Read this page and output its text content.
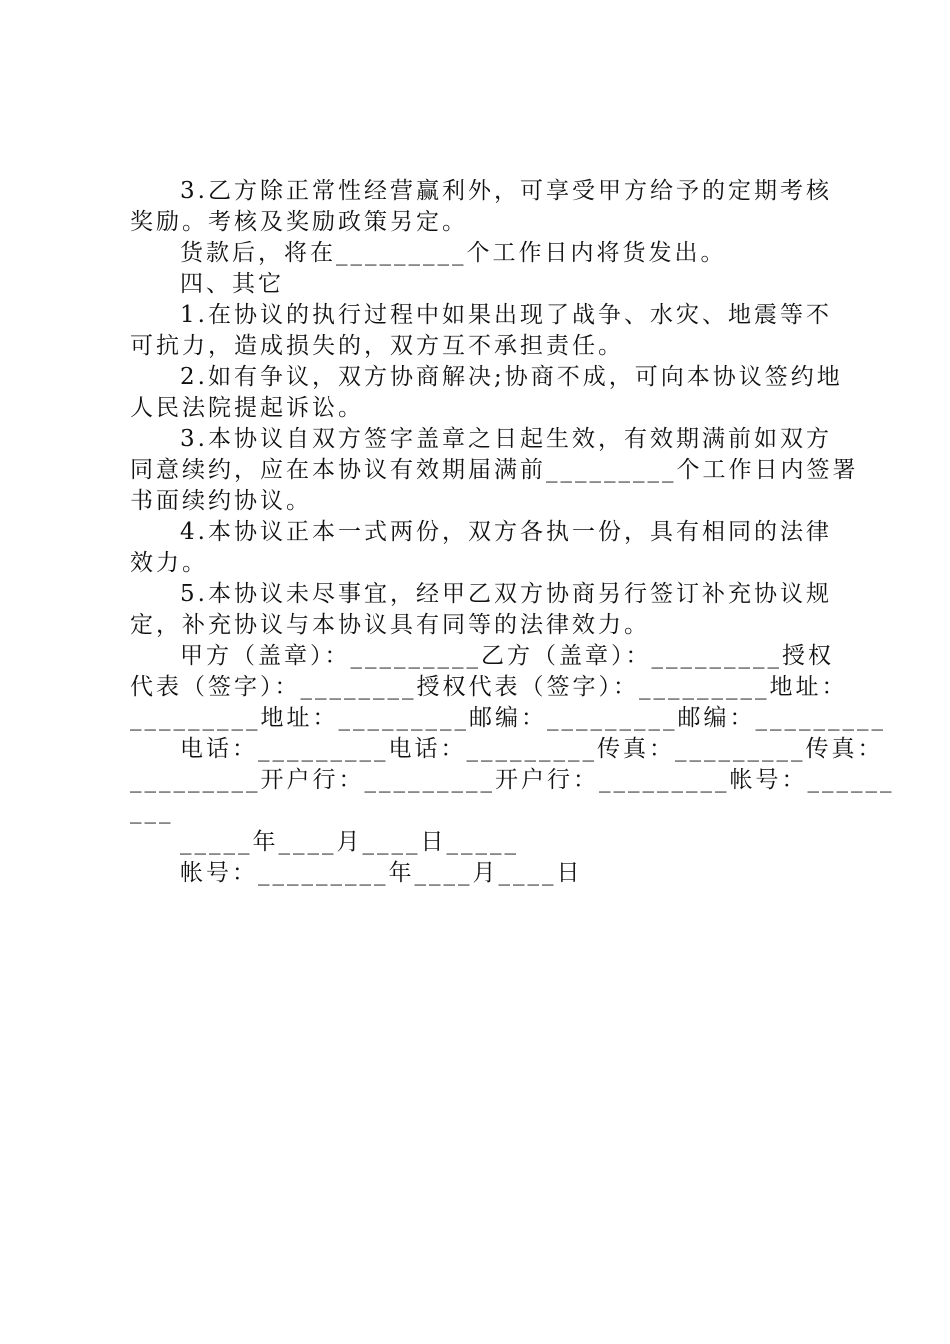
3.乙方除正常性经营赢利外，可享受甲方给予的定期考核
奖励。考核及奖励政策另定。
货款后，将在_________个工作日内将货发出。
四、其它
1.在协议的执行过程中如果出现了战争、水灾、地震等不
可抗力，造成损失的，双方互不承担责任。
2.如有争议，双方协商解决;协商不成，可向本协议签约地
人民法院提起诉讼。
3.本协议自双方签字盖章之日起生效，有效期满前如双方
同意续约，应在本协议有效期届满前_________个工作日内签署
书面续约协议。
4.本协议正本一式两份，双方各执一份，具有相同的法律
效力。
5.本协议未尽事宜，经甲乙双方协商另行签订补充协议规
定，补充协议与本协议具有同等的法律效力。
甲方（盖章）：_________乙方（盖章）：_________授权
代表（签字）：________授权代表（签字）：_________地址：
_________地址：_________邮编：_________邮编：_________
电话：_________电话：_________传真：_________传真：
_________开户行：_________开户行：_________帐号：______
___
_____年____月____日_____
帐号：_________年____月____日
